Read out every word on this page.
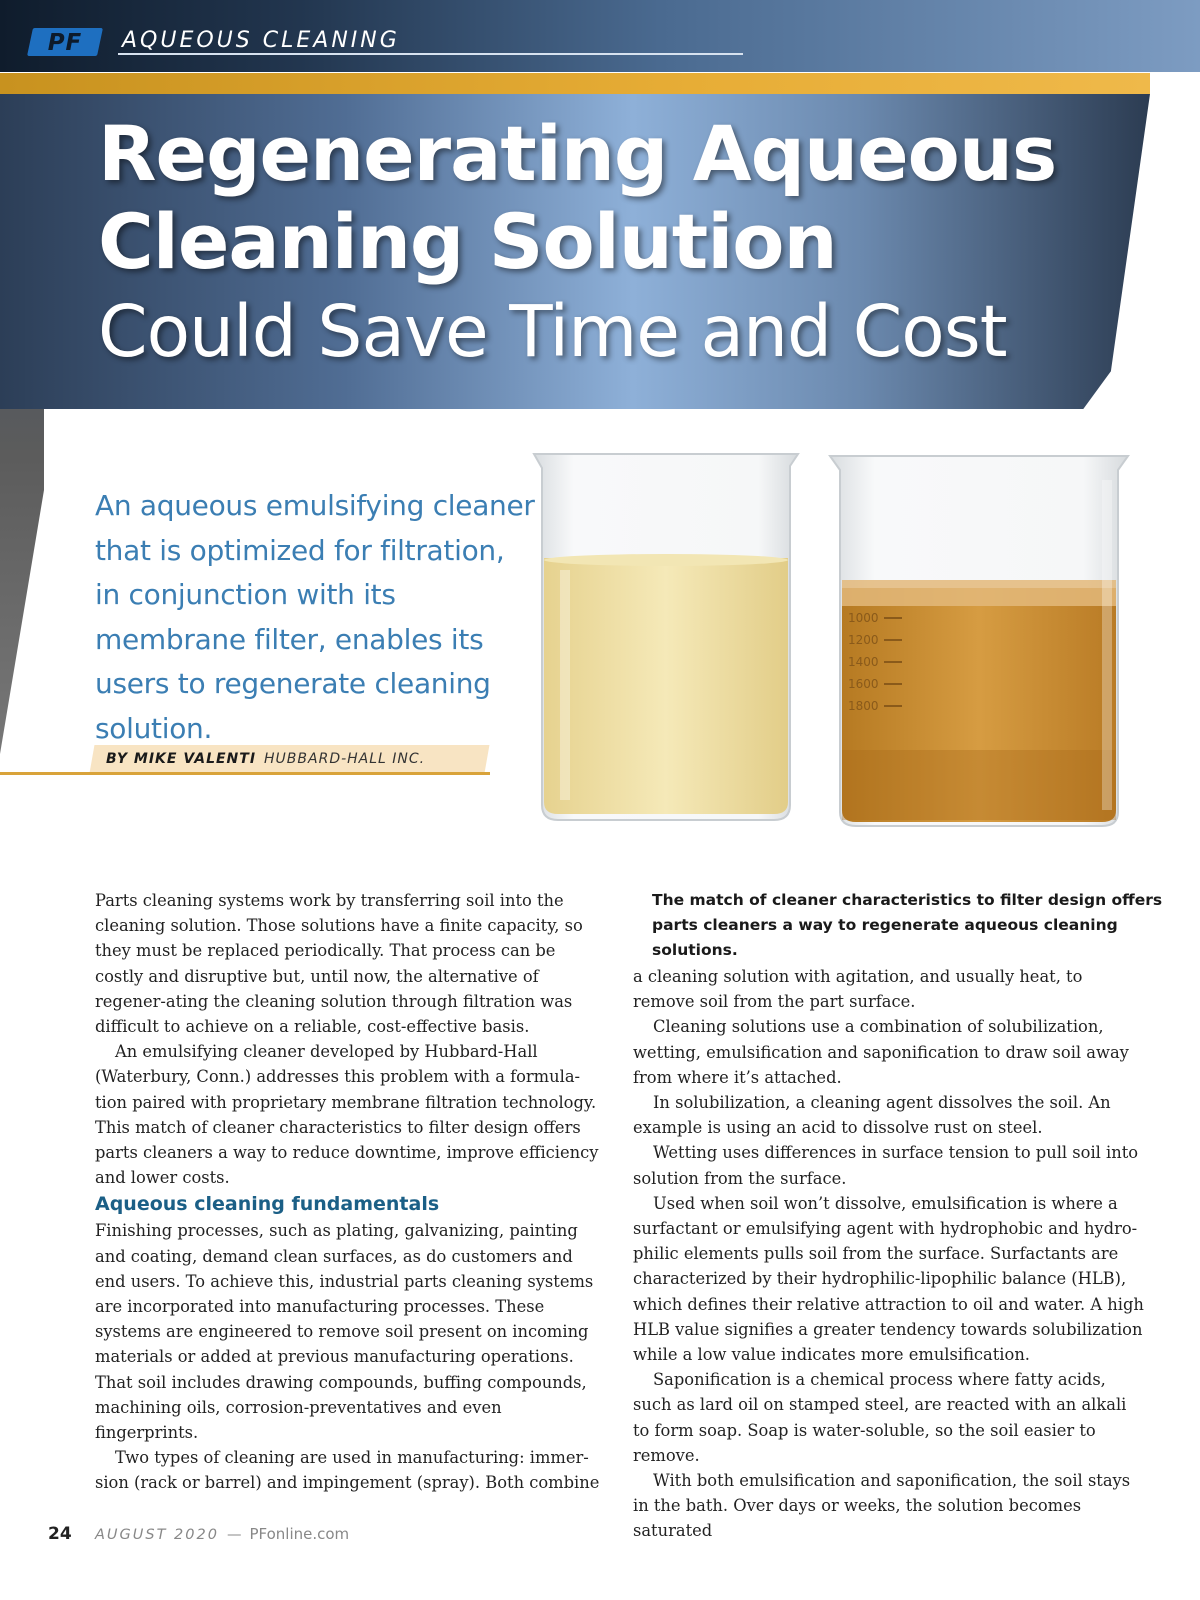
PF	AQUEOUS CLEANING
Regenerating Aqueous
Cleaning Solution
Could Save Time and Cost
An aqueous emulsifying cleaner that is optimized for filtration, in conjunction with its membrane filter, enables its users to regenerate cleaning solution.
BY MIKE VALENTI HUBBARD-HALL INC.
1000
1200
1400
1600
1800

Parts cleaning systems work by transferring soil into the cleaning solution. Those solutions have a finite capacity, so they must be replaced periodically. That process can be costly and disruptive but, until now, the alternative of regener-ating the cleaning solution through filtration was difficult to achieve on a reliable, cost-effective basis.

An emulsifying cleaner developed by Hubbard-Hall (Waterbury, Conn.) addresses this problem with a formula-tion paired with proprietary membrane filtration technology. This match of cleaner characteristics to filter design offers parts cleaners a way to reduce downtime, improve efficiency and lower costs.

Aqueous cleaning fundamentals

Finishing processes, such as plating, galvanizing, painting and coating, demand clean surfaces, as do customers and end users. To achieve this, industrial parts cleaning systems are incorporated into manufacturing processes. These systems are engineered to remove soil present on incoming materials or added at previous manufacturing operations. That soil includes drawing compounds, buffing compounds, machining oils, corrosion-preventatives and even fingerprints.

Two types of cleaning are used in manufacturing: immer-sion (rack or barrel) and impingement (spray). Both combine

The match of cleaner characteristics to filter design offers parts cleaners a way to regenerate aqueous cleaning solutions.

a cleaning solution with agitation, and usually heat, to remove soil from the part surface.

Cleaning solutions use a combination of solubilization, wetting, emulsification and saponification to draw soil away from where it’s attached.

In solubilization, a cleaning agent dissolves the soil. An example is using an acid to dissolve rust on steel.

Wetting uses differences in surface tension to pull soil into solution from the surface.

Used when soil won’t dissolve, emulsification is where a surfactant or emulsifying agent with hydrophobic and hydro-philic elements pulls soil from the surface. Surfactants are characterized by their hydrophilic-lipophilic balance (HLB), which defines their relative attraction to oil and water. A high HLB value signifies a greater tendency towards solubilization while a low value indicates more emulsification.

Saponification is a chemical process where fatty acids, such as lard oil on stamped steel, are reacted with an alkali to form soap. Soap is water-soluble, so the soil easier to remove.

With both emulsification and saponification, the soil stays in the bath. Over days or weeks, the solution becomes saturated

24 AUGUST 2020 — PFonline.com
